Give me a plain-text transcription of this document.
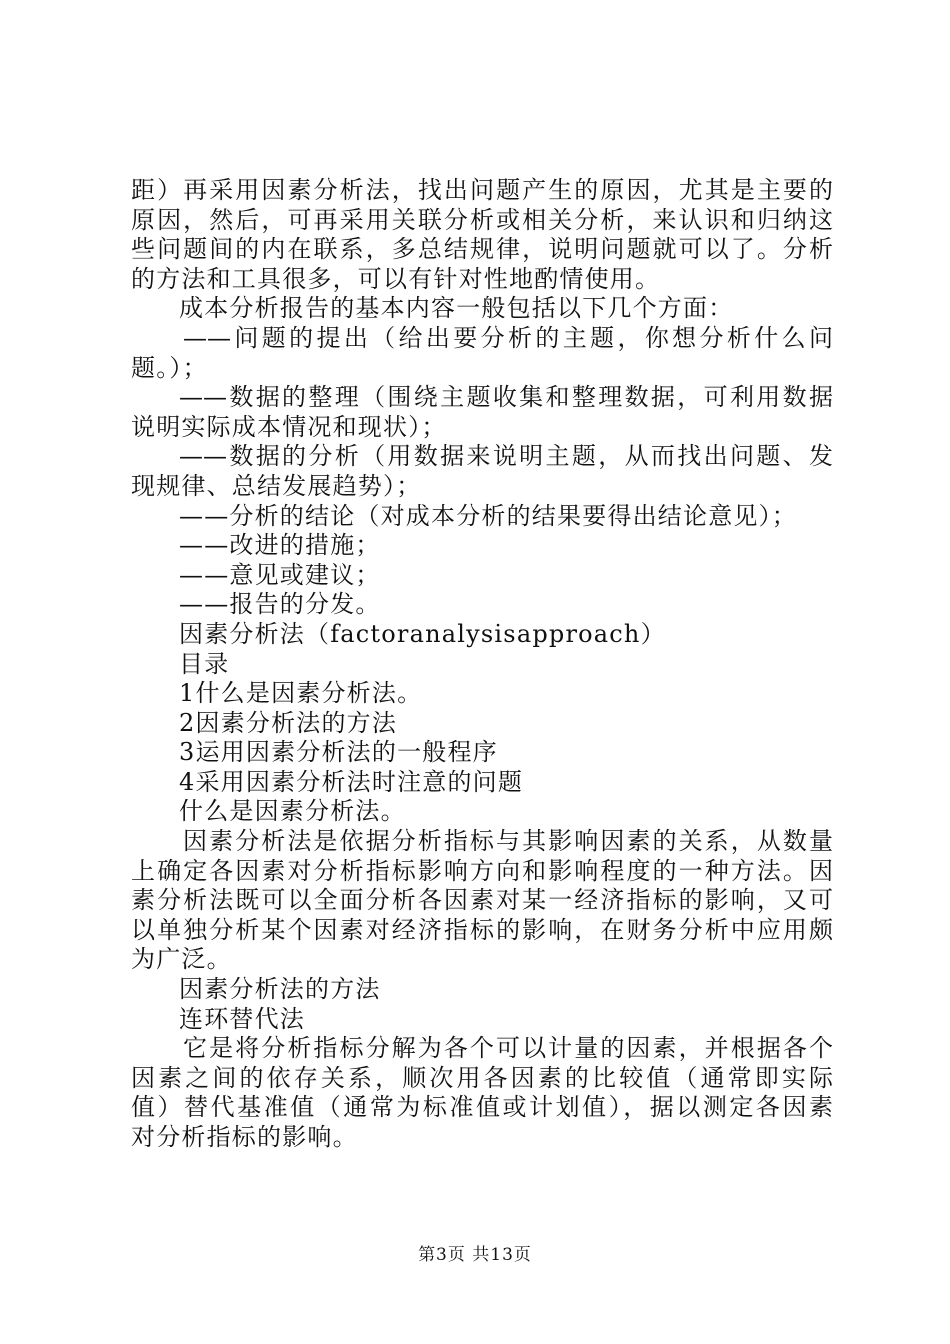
距）再采用因素分析法，找出问题产生的原因，尤其是主要的
原因，然后，可再采用关联分析或相关分析，来认识和归纳这
些问题间的内在联系，多总结规律，说明问题就可以了。分析
的方法和工具很多，可以有针对性地酌情使用。
成本分析报告的基本内容一般包括以下几个方面：
——问题的提出（给出要分析的主题，你想分析什么问
题。）；
——数据的整理（围绕主题收集和整理数据，可利用数据
说明实际成本情况和现状）；
——数据的分析（用数据来说明主题，从而找出问题、发
现规律、总结发展趋势）；
——分析的结论（对成本分析的结果要得出结论意见）；
——改进的措施；
——意见或建议；
——报告的分发。
因素分析法（factoranalysisapproach）
目录
1什么是因素分析法。
2因素分析法的方法
3运用因素分析法的一般程序
4采用因素分析法时注意的问题
什么是因素分析法。
因素分析法是依据分析指标与其影响因素的关系，从数量
上确定各因素对分析指标影响方向和影响程度的一种方法。因
素分析法既可以全面分析各因素对某一经济指标的影响，又可
以单独分析某个因素对经济指标的影响，在财务分析中应用颇
为广泛。
因素分析法的方法
连环替代法
它是将分析指标分解为各个可以计量的因素，并根据各个
因素之间的依存关系，顺次用各因素的比较值（通常即实际
值）替代基准值（通常为标准值或计划值），据以测定各因素
对分析指标的影响。
第3页 共13页
